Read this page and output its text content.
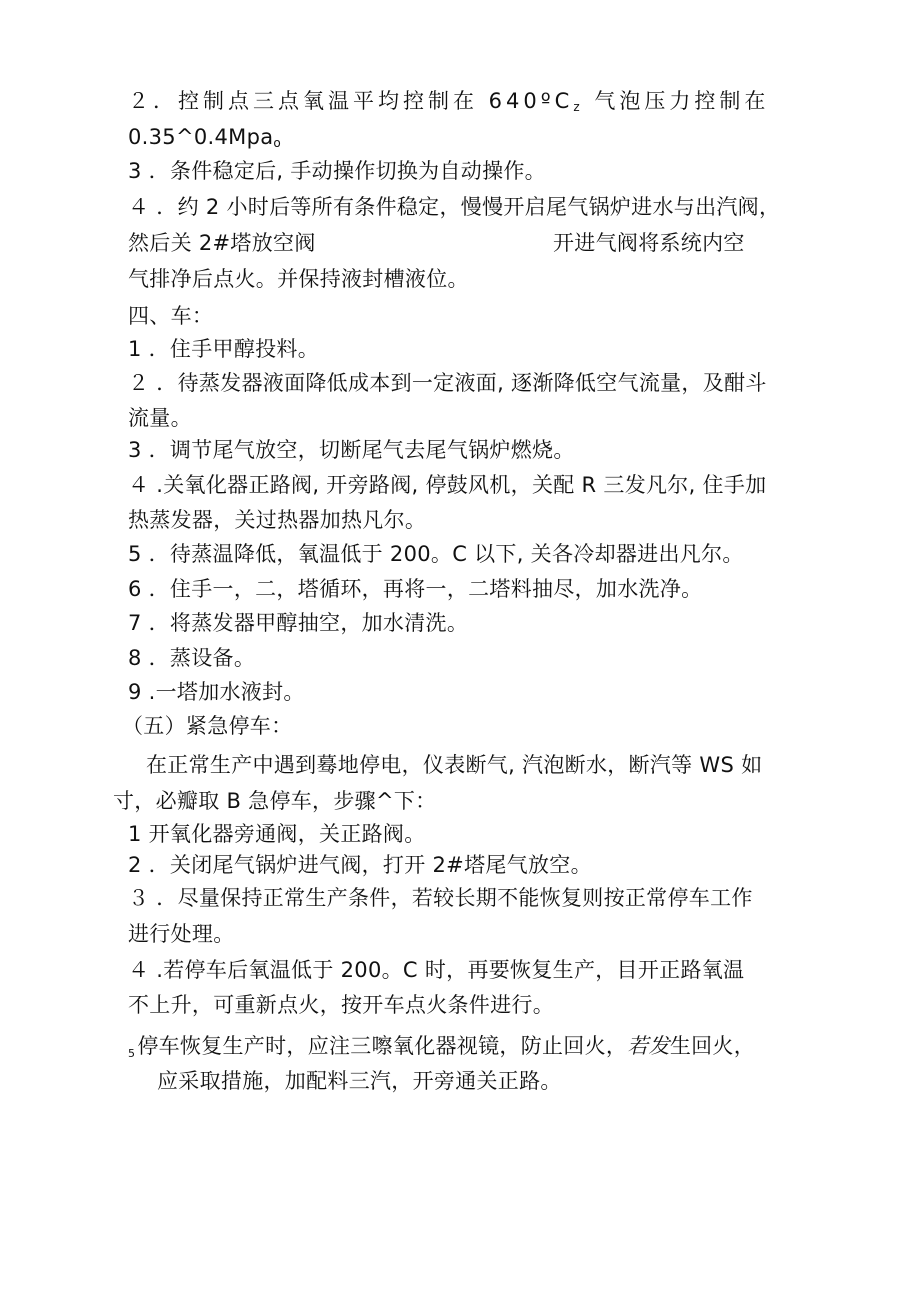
２．控制点三点氧温平均控制在 640ºC$_z$ 气泡压力控制在
0.35^0.4Mpa$_o$
3 ．条件稳定后, 手动操作切换为自动操作。
４ ．约 2 小时后等所有条件稳定，慢慢开启尾气锅炉进水与出汽阀，
然后关 2#塔放空阀	开进气阀将系统内空
气排净后点火。并保持液封槽液位。
四、车：
1 ．住手甲醇投料。
２ ．待蒸发器液面降低成本到一定液面, 逐渐降低空气流量，及酣斗
流量。
3 ．调节尾气放空，切断尾气去尾气锅炉燃烧。
４ .关氧化器正路阀, 开旁路阀, 停鼓风机，关配 R 三发凡尔, 住手加
热蒸发器，关过热器加热凡尔。
5 ．待蒸温降低，氧温低于 200。C 以下, 关各冷却器进出凡尔。
6 ．住手一，二，塔循环，再将一，二塔料抽尽，加水洗净。
7 ．将蒸发器甲醇抽空，加水清洗。
8 ．蒸设备。
9 .一塔加水液封。
（五）紧急停车：
在正常生产中遇到蓦地停电，仪表断气, 汽泡断水，断汽等 WS 如
寸，必瓣取 B 急停车，步骤^下：
1 开氧化器旁通阀，关正路阀。
2 ．关闭尾气锅炉进气阀，打开 2#塔尾气放空。
３ ．尽量保持正常生产条件，若较长期不能恢复则按正常停车工作
进行处理。
４ .若停车后氧温低于 200。C 时，再要恢复生产，目开正路氧温
不上升，可重新点火，按开车点火条件进行。
5停车恢复生产时，应注三嚓氧化器视镜，防止回火，若发生回火，
应采取措施，加配料三汽，开旁通关正路。
